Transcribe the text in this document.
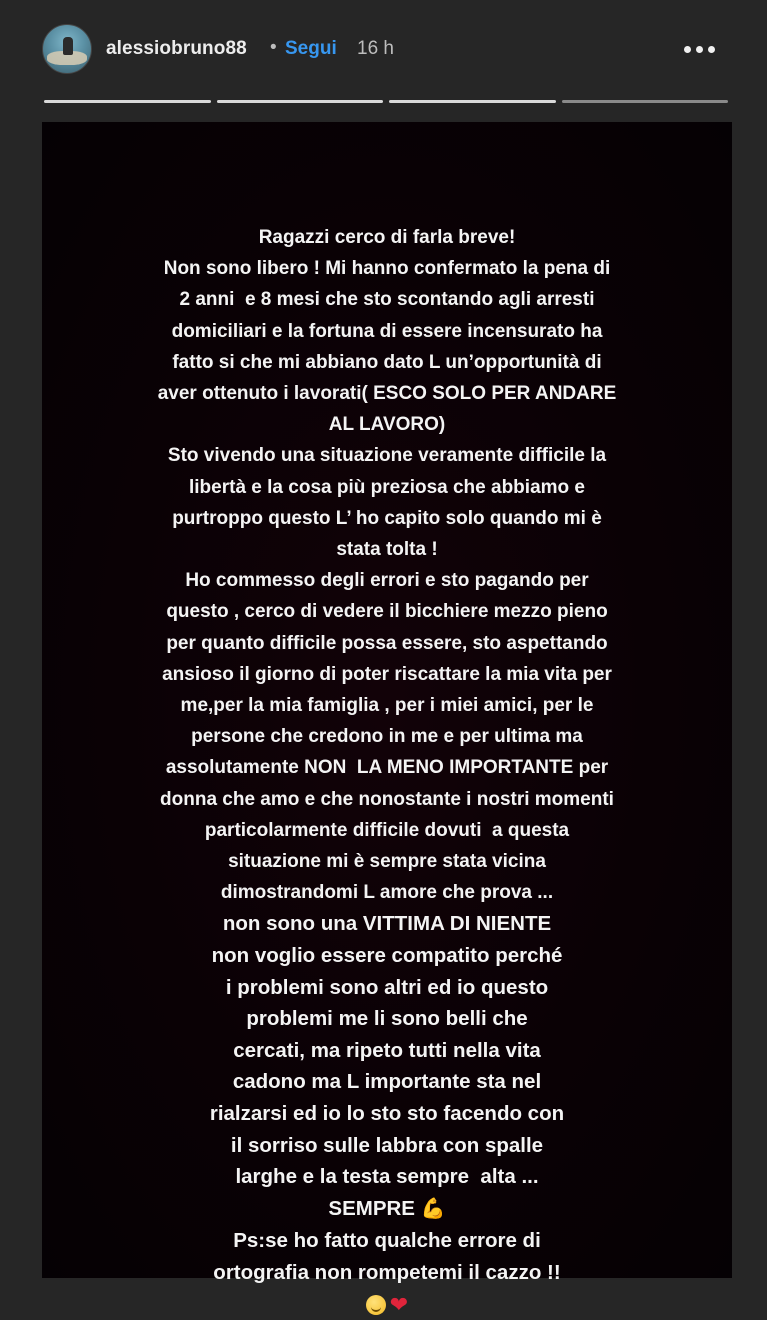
alessiobruno88 • Segui 16 h
Ragazzi cerco di farla breve!
Non sono libero ! Mi hanno confermato la pena di
2 anni  e 8 mesi che sto scontando agli arresti
domiciliari e la fortuna di essere incensurato ha
fatto si che mi abbiano dato L un’opportunità di
aver ottenuto i lavorati( ESCO SOLO PER ANDARE
AL LAVORO)
Sto vivendo una situazione veramente difficile la
libertà e la cosa più preziosa che abbiamo e
purtroppo questo L’ ho capito solo quando mi è
stata tolta !
Ho commesso degli errori e sto pagando per
questo , cerco di vedere il bicchiere mezzo pieno
per quanto difficile possa essere, sto aspettando
ansioso il giorno di poter riscattare la mia vita per
me,per la mia famiglia , per i miei amici, per le
persone che credono in me e per ultima ma
assolutamente NON  LA MENO IMPORTANTE per
donna che amo e che nonostante i nostri momenti
particolarmente difficile dovuti  a questa
situazione mi è sempre stata vicina
dimostrandomi L amore che prova ...
non sono una VITTIMA DI NIENTE
non voglio essere compatito perché
i problemi sono altri ed io questo
problemi me li sono belli che
cercati, ma ripeto tutti nella vita
cadono ma L importante sta nel
rialzarsi ed io lo sto sto facendo con
il sorriso sulle labbra con spalle
larghe e la testa sempre  alta ...
SEMPRE 💪
Ps:se ho fatto qualche errore di
ortografia non rompetemi il cazzo !!
❤
